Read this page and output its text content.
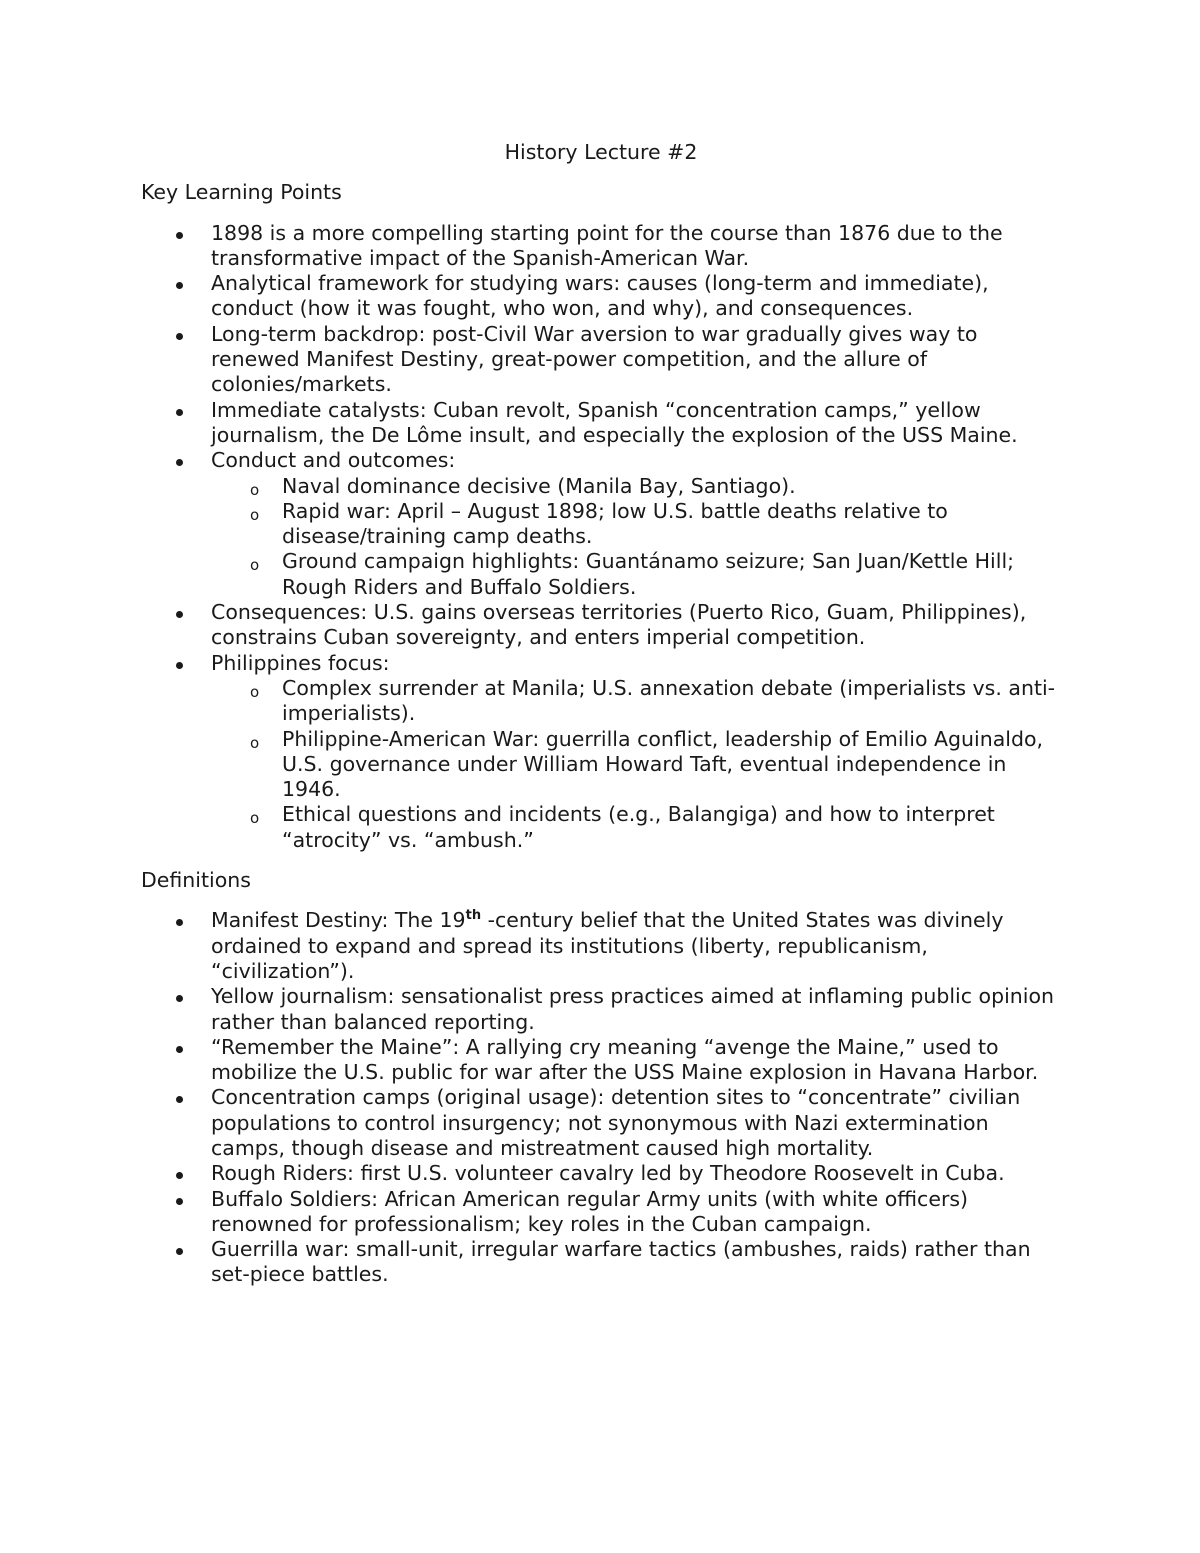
History Lecture #2
Key Learning Points
1898 is a more compelling starting point for the course than 1876 due to the transformative impact of the Spanish-American War.
Analytical framework for studying wars: causes (long-term and immediate), conduct (how it was fought, who won, and why), and consequences.
Long-term backdrop: post-Civil War aversion to war gradually gives way to renewed Manifest Destiny, great-power competition, and the allure of colonies/markets.
Immediate catalysts: Cuban revolt, Spanish “concentration camps,” yellow journalism, the De Lôme insult, and especially the explosion of the USS Maine.
Conduct and outcomes:
o Naval dominance decisive (Manila Bay, Santiago).
o Rapid war: April – August 1898; low U.S. battle deaths relative to disease/training camp deaths.
o Ground campaign highlights: Guantánamo seizure; San Juan/Kettle Hill; Rough Riders and Buffalo Soldiers.
Consequences: U.S. gains overseas territories (Puerto Rico, Guam, Philippines), constrains Cuban sovereignty, and enters imperial competition.
Philippines focus:
o Complex surrender at Manila; U.S. annexation debate (imperialists vs. anti-imperialists).
o Philippine-American War: guerrilla conflict, leadership of Emilio Aguinaldo, U.S. governance under William Howard Taft, eventual independence in 1946.
o Ethical questions and incidents (e.g., Balangiga) and how to interpret “atrocity” vs. “ambush.”
Definitions
Manifest Destiny: The 19th -century belief that the United States was divinely ordained to expand and spread its institutions (liberty, republicanism, “civilization”).
Yellow journalism: sensationalist press practices aimed at inflaming public opinion rather than balanced reporting.
“Remember the Maine”: A rallying cry meaning “avenge the Maine,” used to mobilize the U.S. public for war after the USS Maine explosion in Havana Harbor.
Concentration camps (original usage): detention sites to “concentrate” civilian populations to control insurgency; not synonymous with Nazi extermination camps, though disease and mistreatment caused high mortality.
Rough Riders: first U.S. volunteer cavalry led by Theodore Roosevelt in Cuba.
Buffalo Soldiers: African American regular Army units (with white officers) renowned for professionalism; key roles in the Cuban campaign.
Guerrilla war: small-unit, irregular warfare tactics (ambushes, raids) rather than set-piece battles.
